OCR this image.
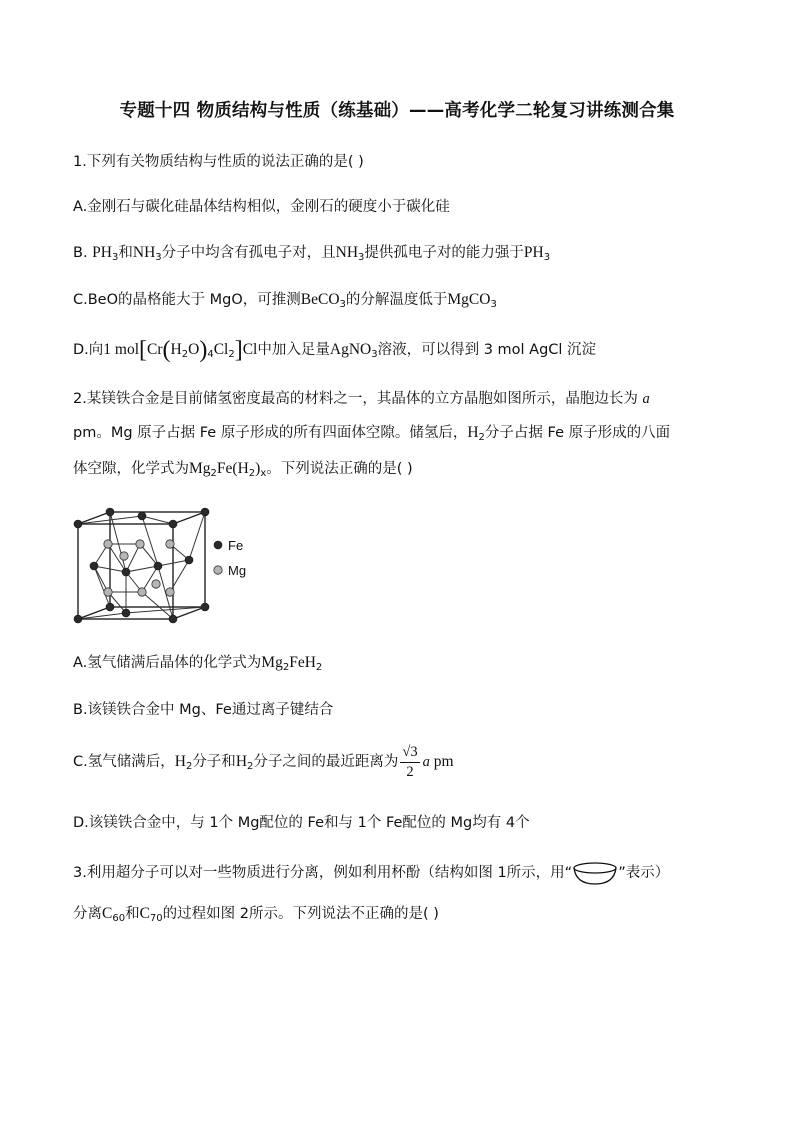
专题十四 物质结构与性质（练基础）——高考化学二轮复习讲练测合集
1.下列有关物质结构与性质的说法正确的是( )
A.金刚石与碳化硅晶体结构相似，金刚石的硬度小于碳化硅
B. $PH_3$和$NH_3$分子中均含有孤电子对，且$NH_3$提供孤电子对的能力强于$PH_3$
C.BeO的晶格能大于 MgO，可推测BeCO$_3$的分解温度低于MgCO$_3$
D.向1 $mol[Cr(H_2O)_4Cl_2]Cl$中加入足量AgNO$_3$溶液，可以得到 3 mol AgCl 沉淀
2.某镁铁合金是目前储氢密度最高的材料之一，其晶体的立方晶胞如图所示，晶胞边长为 a
pm。Mg 原子占据 Fe 原子形成的所有四面体空隙。储氢后，$H_2$分子占据 Fe 原子形成的八面
体空隙，化学式为$Mg_2Fe(H_2)_x$。下列说法正确的是( )
Fe
Mg
A.氢气储满后晶体的化学式为$Mg_2FeH_2$
B.该镁铁合金中 Mg、Fe通过离子键结合
C.氢气储满后，$H_2$分子和$H_2$分子之间的最近距离为 $\frac{√3}{2}$ a pm
D.该镁铁合金中，与 1个 Mg配位的 Fe和与 1个 Fe配位的 Mg均有 4个
3.利用超分子可以对一些物质进行分离，例如利用杯酚（结构如图 1所示，用“	”表示）
分离$C_{60}$和$C_{70}$的过程如图 2所示。下列说法不正确的是( )
